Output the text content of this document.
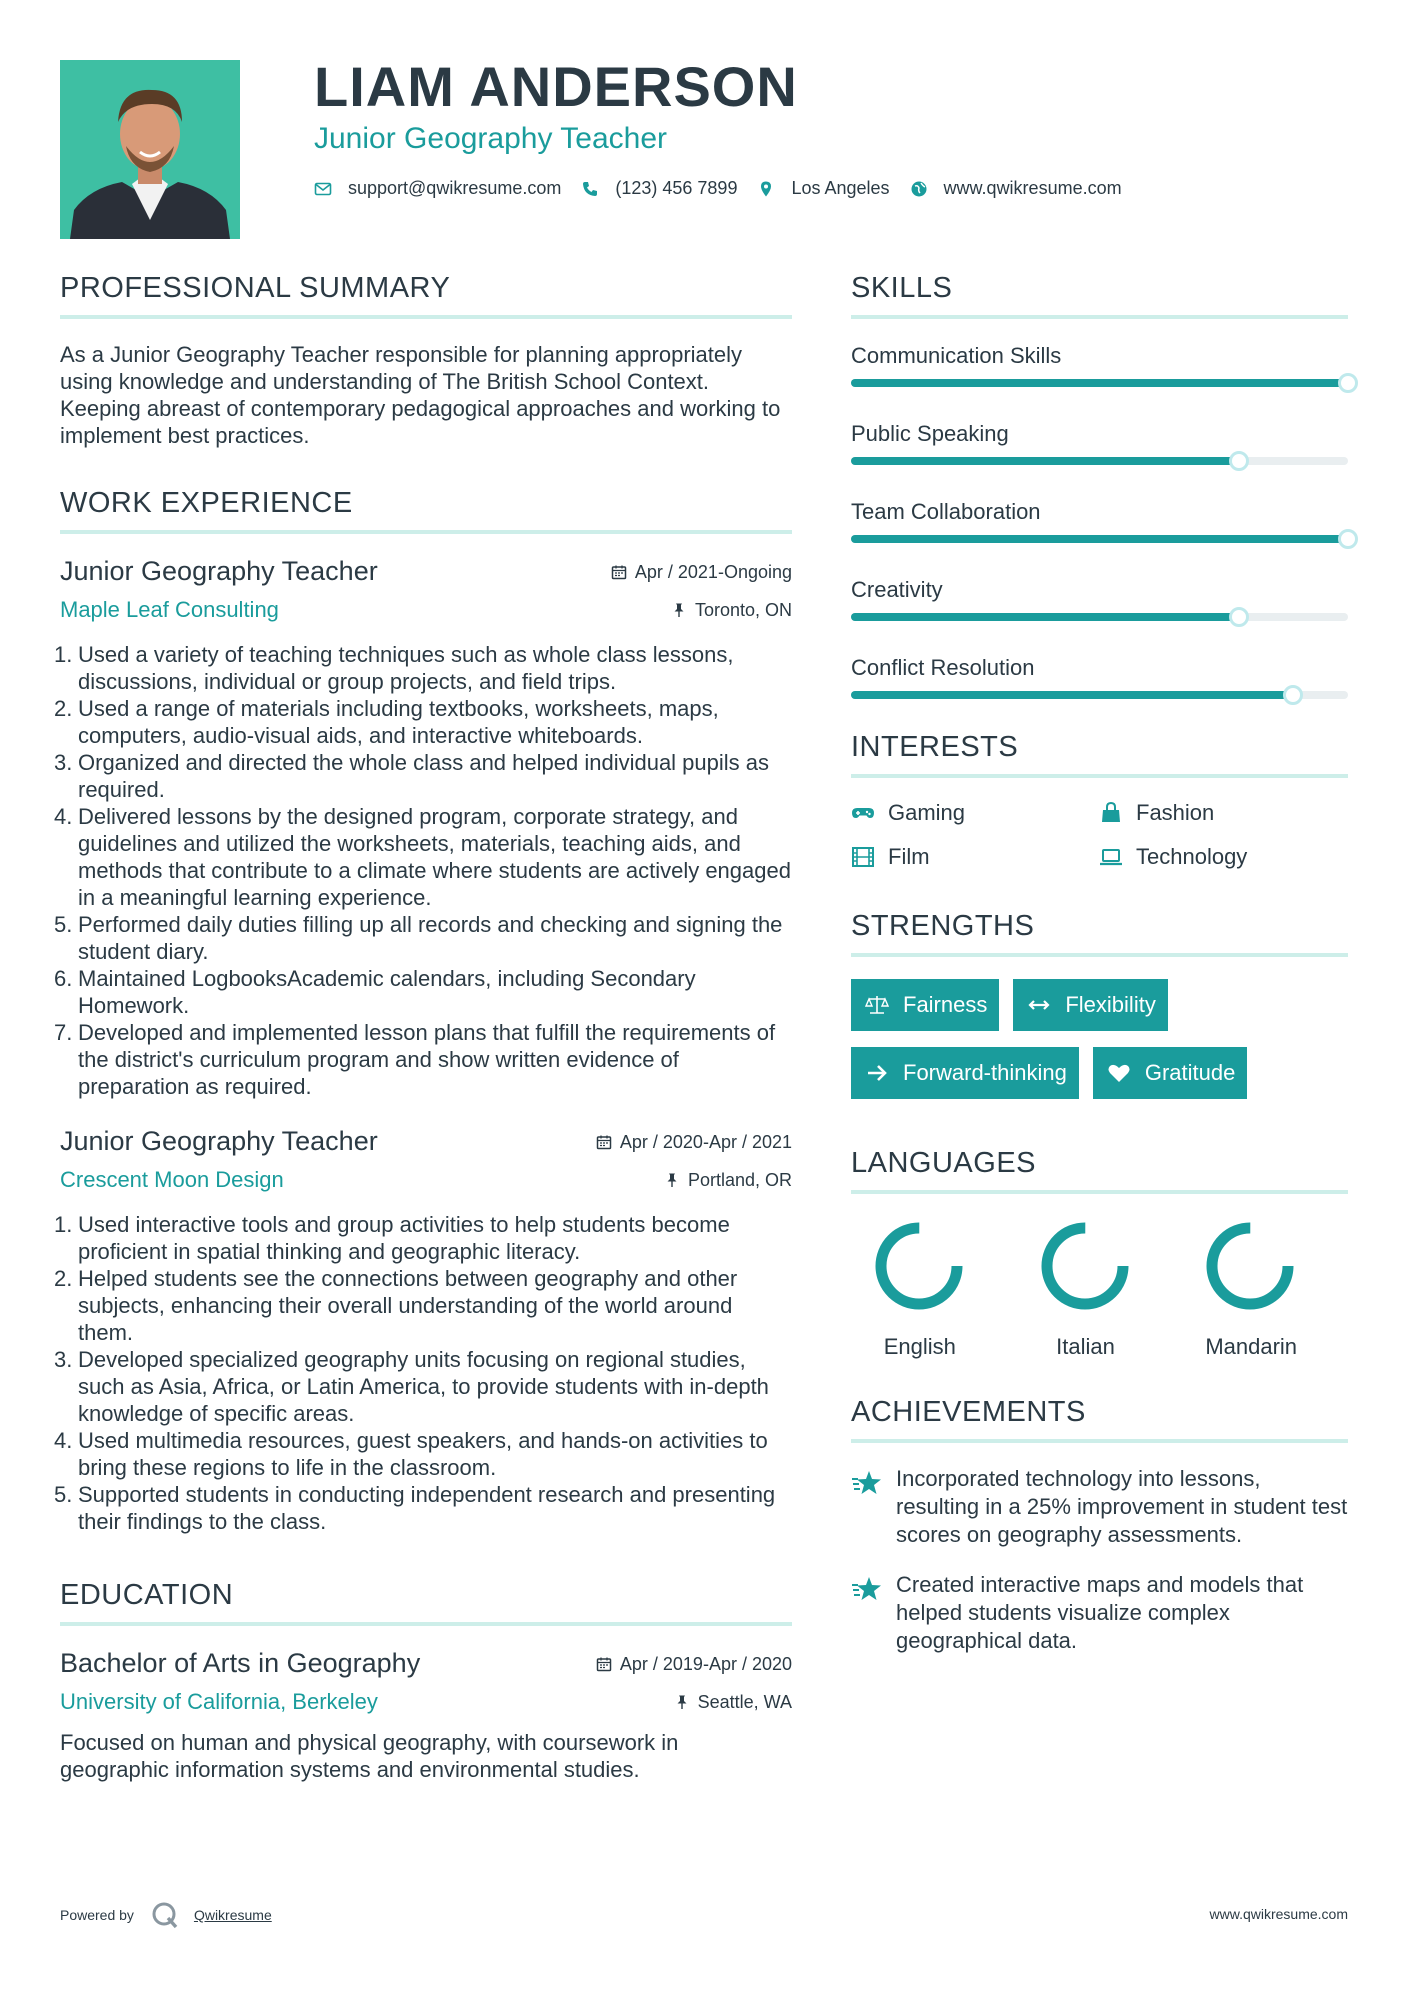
LIAM ANDERSON
Junior Geography Teacher
support@qwikresume.com	(123) 456 7899	Los Angeles	www.qwikresume.com
PROFESSIONAL SUMMARY
As a Junior Geography Teacher responsible for planning appropriately using knowledge and understanding of The British School Context. Keeping abreast of contemporary pedagogical approaches and working to implement best practices.
WORK EXPERIENCE
Junior Geography Teacher	Apr / 2021-Ongoing
Maple Leaf Consulting	Toronto, ON
1. Used a variety of teaching techniques such as whole class lessons, discussions, individual or group projects, and field trips.
2. Used a range of materials including textbooks, worksheets, maps, computers, audio-visual aids, and interactive whiteboards.
3. Organized and directed the whole class and helped individual pupils as required.
4. Delivered lessons by the designed program, corporate strategy, and guidelines and utilized the worksheets, materials, teaching aids, and methods that contribute to a climate where students are actively engaged in a meaningful learning experience.
5. Performed daily duties filling up all records and checking and signing the student diary.
6. Maintained LogbooksAcademic calendars, including Secondary Homework.
7. Developed and implemented lesson plans that fulfill the requirements of the district's curriculum program and show written evidence of preparation as required.
Junior Geography Teacher	Apr / 2020-Apr / 2021
Crescent Moon Design	Portland, OR
1. Used interactive tools and group activities to help students become proficient in spatial thinking and geographic literacy.
2. Helped students see the connections between geography and other subjects, enhancing their overall understanding of the world around them.
3. Developed specialized geography units focusing on regional studies, such as Asia, Africa, or Latin America, to provide students with in-depth knowledge of specific areas.
4. Used multimedia resources, guest speakers, and hands-on activities to bring these regions to life in the classroom.
5. Supported students in conducting independent research and presenting their findings to the class.
EDUCATION
Bachelor of Arts in Geography	Apr / 2019-Apr / 2020
University of California, Berkeley	Seattle, WA
Focused on human and physical geography, with coursework in geographic information systems and environmental studies.
SKILLS
Communication Skills
Public Speaking
Team Collaboration
Creativity
Conflict Resolution
INTERESTS
Gaming	Fashion
Film	Technology
STRENGTHS
Fairness	Flexibility
Forward-thinking	Gratitude
LANGUAGES
English	Italian	Mandarin
ACHIEVEMENTS
Incorporated technology into lessons, resulting in a 25% improvement in student test scores on geography assessments.
Created interactive maps and models that helped students visualize complex geographical data.
Powered by	Qwikresume	www.qwikresume.com
